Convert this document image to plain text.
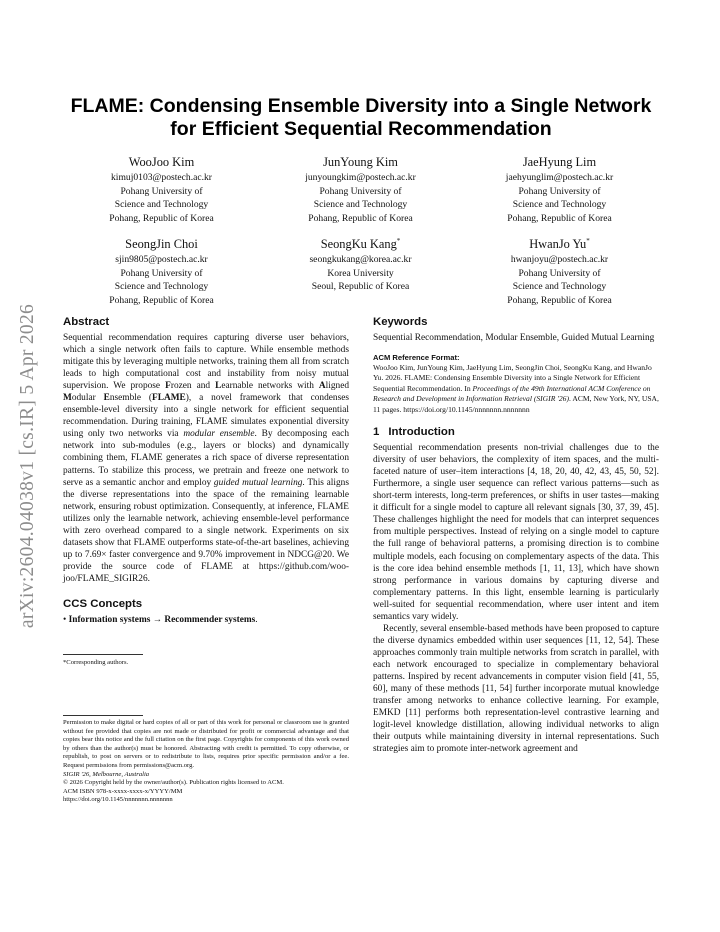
arXiv:2604.04038v1 [cs.IR] 5 Apr 2026
FLAME: Condensing Ensemble Diversity into a Single Network
for Efficient Sequential Recommendation
WooJoo Kim
kimuj0103@postech.ac.kr
Pohang University of
Science and Technology
Pohang, Republic of Korea
JunYoung Kim
junyoungkim@postech.ac.kr
Pohang University of
Science and Technology
Pohang, Republic of Korea
JaeHyung Lim
jaehyunglim@postech.ac.kr
Pohang University of
Science and Technology
Pohang, Republic of Korea
SeongJin Choi
sjin9805@postech.ac.kr
Pohang University of
Science and Technology
Pohang, Republic of Korea
SeongKu Kang*
seongkukang@korea.ac.kr
Korea University
Seoul, Republic of Korea
HwanJo Yu*
hwanjoyu@postech.ac.kr
Pohang University of
Science and Technology
Pohang, Republic of Korea
Abstract

Sequential recommendation requires capturing diverse user behaviors, which a single network often fails to capture. While ensemble methods mitigate this by leveraging multiple networks, training them all from scratch leads to high computational cost and instability from noisy mutual supervision. We propose Frozen and Learnable networks with Aligned Modular Ensemble (FLAME), a novel framework that condenses ensemble-level diversity into a single network for efficient sequential recommendation. During training, FLAME simulates exponential diversity using only two networks via modular ensemble. By decomposing each network into sub-modules (e.g., layers or blocks) and dynamically combining them, FLAME generates a rich space of diverse representation patterns. To stabilize this process, we pretrain and freeze one network to serve as a semantic anchor and employ guided mutual learning. This aligns the diverse representations into the space of the remaining learnable network, ensuring robust optimization. Consequently, at inference, FLAME utilizes only the learnable network, achieving ensemble-level performance with zero overhead compared to a single network. Experiments on six datasets show that FLAME outperforms state-of-the-art baselines, achieving up to 7.69× faster convergence and 9.70% improvement in NDCG@20. We provide the source code of FLAME at https://github.com/woo-joo/FLAME_SIGIR26.

CCS Concepts

• Information systems → Recommender systems.

*Corresponding authors.

Permission to make digital or hard copies of all or part of this work for personal or classroom use is granted without fee provided that copies are not made or distributed for profit or commercial advantage and that copies bear this notice and the full citation on the first page. Copyrights for components of this work owned by others than the author(s) must be honored. Abstracting with credit is permitted. To copy otherwise, or republish, to post on servers or to redistribute to lists, requires prior specific permission and/or a fee. Request permissions from permissions@acm.org.

SIGIR '26, Melbourne, Australia

© 2026 Copyright held by the owner/author(s). Publication rights licensed to ACM.

ACM ISBN 978-x-xxxx-xxxx-x/YYYY/MM

https://doi.org/10.1145/nnnnnnn.nnnnnnn

Keywords

Sequential Recommendation, Modular Ensemble, Guided Mutual Learning

ACM Reference Format:

WooJoo Kim, JunYoung Kim, JaeHyung Lim, SeongJin Choi, SeongKu Kang, and HwanJo Yu. 2026. FLAME: Condensing Ensemble Diversity into a Single Network for Efficient Sequential Recommendation. In Proceedings of the 49th International ACM Conference on Research and Development in Information Retrieval (SIGIR '26). ACM, New York, NY, USA, 11 pages. https://doi.org/10.1145/nnnnnnn.nnnnnnn

1 Introduction

Sequential recommendation presents non-trivial challenges due to the diversity of user behaviors, the complexity of item spaces, and the multi-faceted nature of user–item interactions [4, 18, 20, 40, 42, 43, 45, 50, 52]. Furthermore, a single user sequence can reflect various patterns—such as short-term interests, long-term preferences, or shifts in user tastes—making it difficult for a single model to capture all relevant signals [30, 37, 39, 45]. These challenges highlight the need for models that can interpret sequences from multiple perspectives. Instead of relying on a single model to capture the full range of behavioral patterns, a promising direction is to combine multiple models, each focusing on complementary aspects of the data. This is the core idea behind ensemble methods [1, 11, 13], which have shown strong performance in various domains by capturing diverse and complementary patterns. In this light, ensemble learning is particularly well-suited for sequential recommendation, where user intent and item semantics vary widely.

Recently, several ensemble-based methods have been proposed to capture the diverse dynamics embedded within user sequences [11, 12, 54]. These approaches commonly train multiple networks from scratch in parallel, with each network encouraged to specialize in complementary behavioral patterns. Inspired by recent advancements in computer vision field [41, 55, 60], many of these methods [11, 54] further incorporate mutual knowledge transfer among networks to enhance collective learning. For example, EMKD [11] performs both representation-level contrastive learning and logit-level knowledge distillation, allowing individual networks to align their outputs while maintaining diversity in internal representations. Such strategies aim to promote inter-network agreement and
